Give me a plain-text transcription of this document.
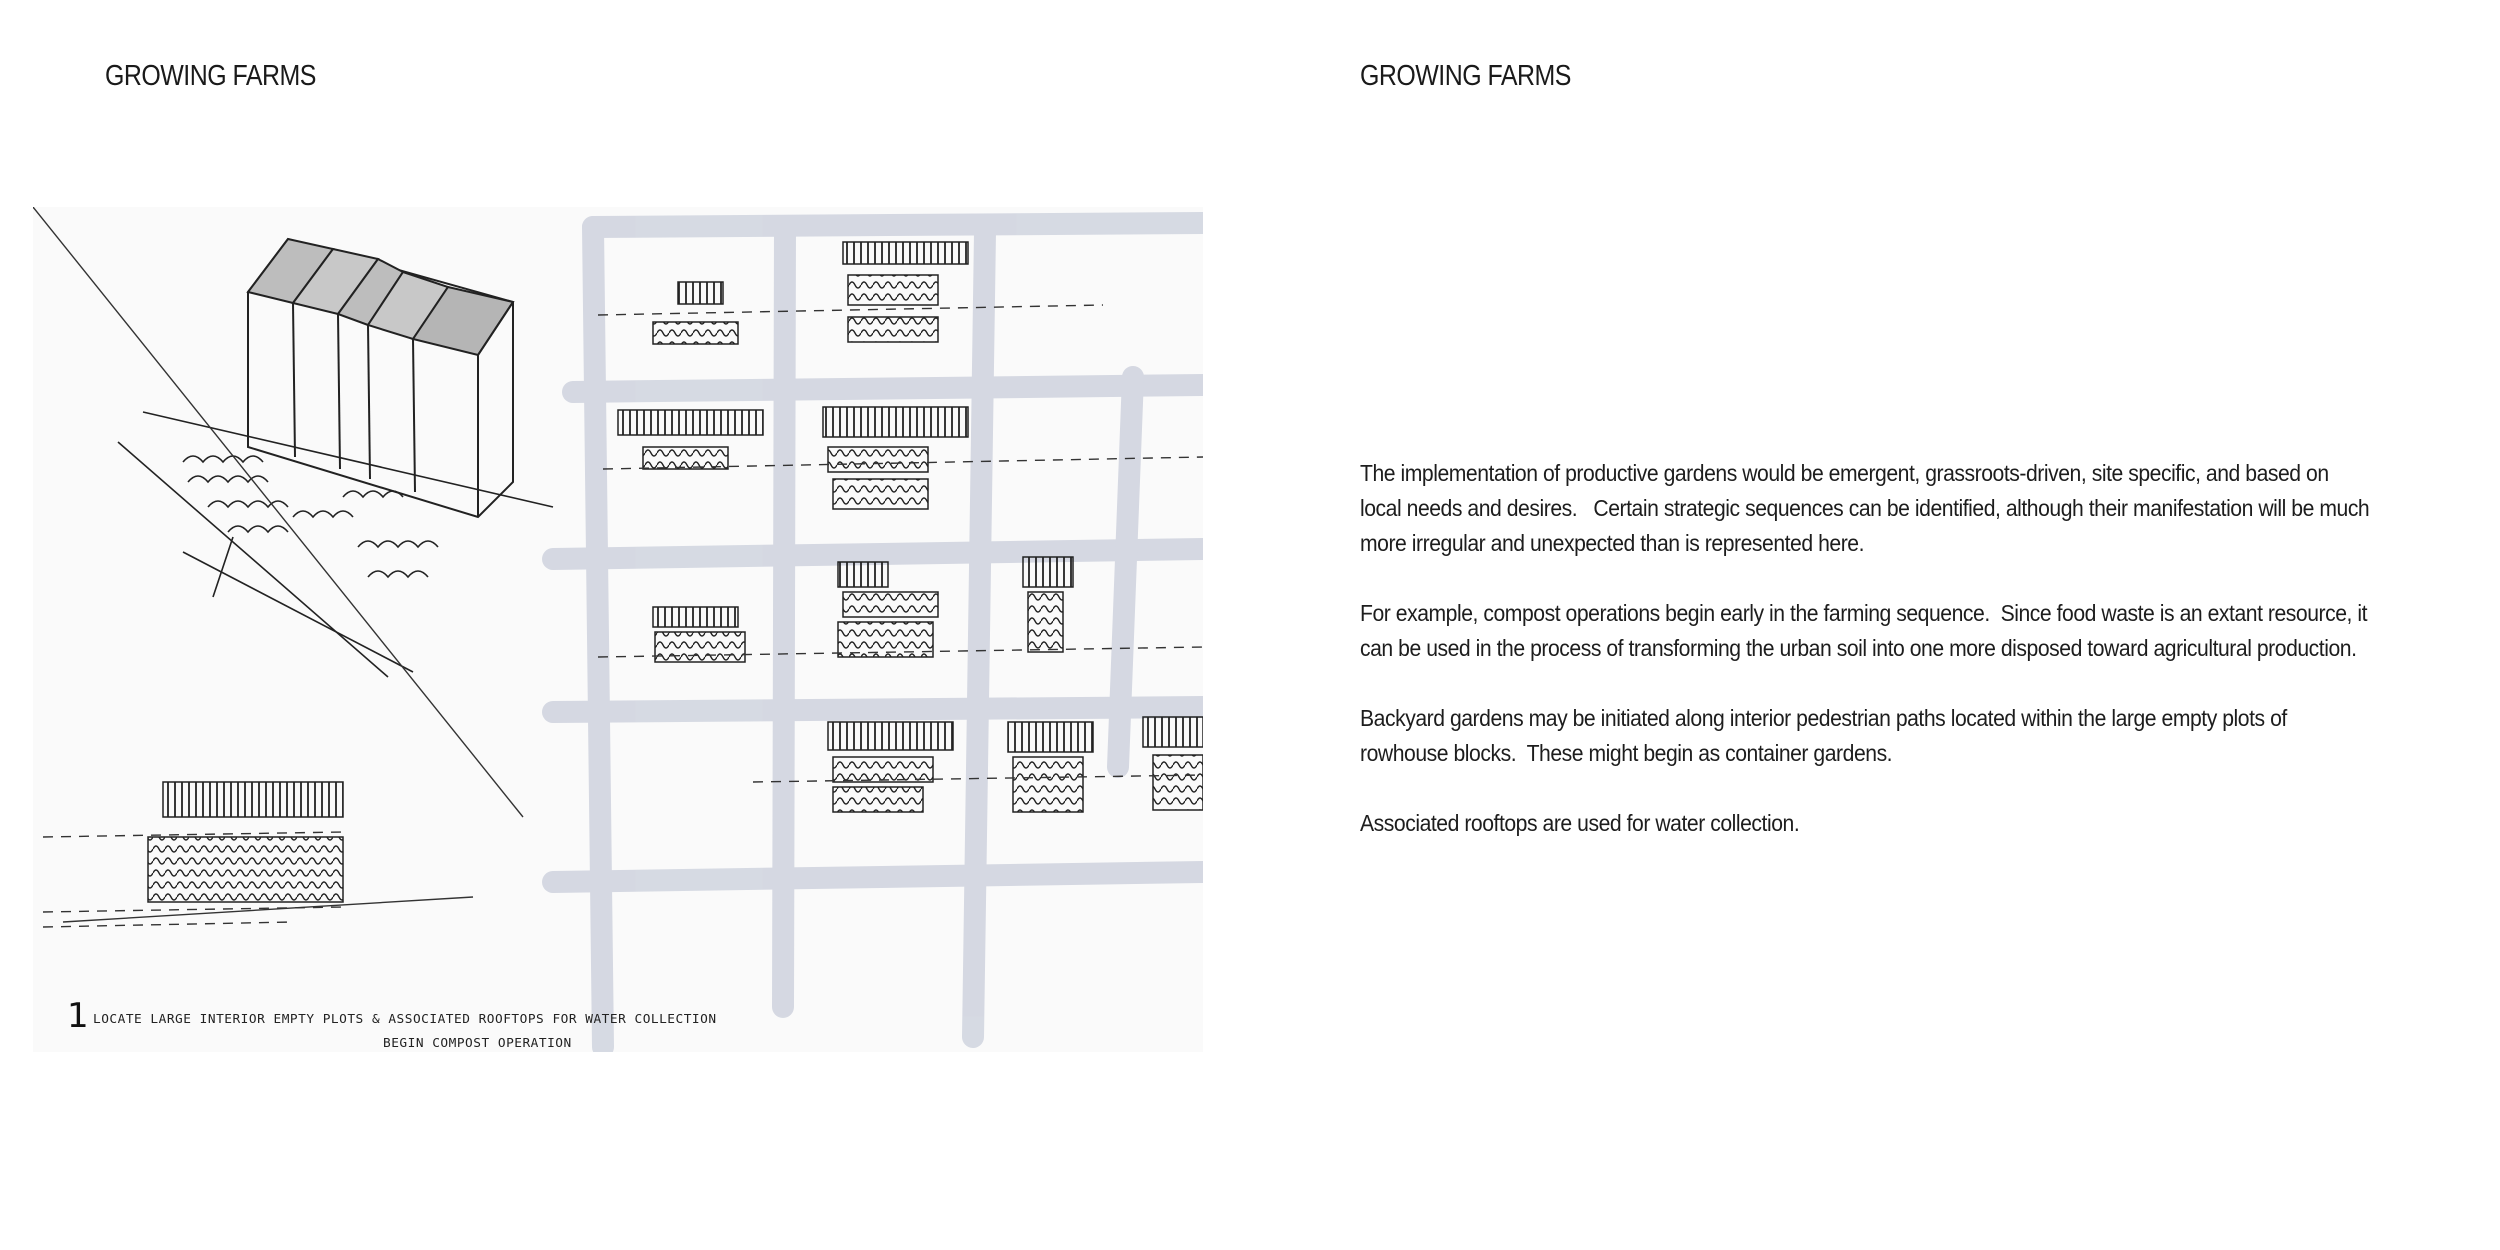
GROWING FARMS
1 LOCATE LARGE INTERIOR EMPTY PLOTS & ASSOCIATED ROOFTOPS FOR WATER COLLECTION
BEGIN COMPOST OPERATION
GROWING FARMS

The implementation of productive gardens would be emergent, grassroots-driven, site specific, and based on local needs and desires.   Certain strategic sequences can be identified, although their manifestation will be much more irregular and unexpected than is represented here.

For example, compost operations begin early in the farming sequence.  Since food waste is an extant resource, it can be used in the process of transforming the urban soil into one more disposed toward agricultural production.

Backyard gardens may be initiated along interior pedestrian paths located within the large empty plots of rowhouse blocks.  These might begin as container gardens.

Associated rooftops are used for water collection.
